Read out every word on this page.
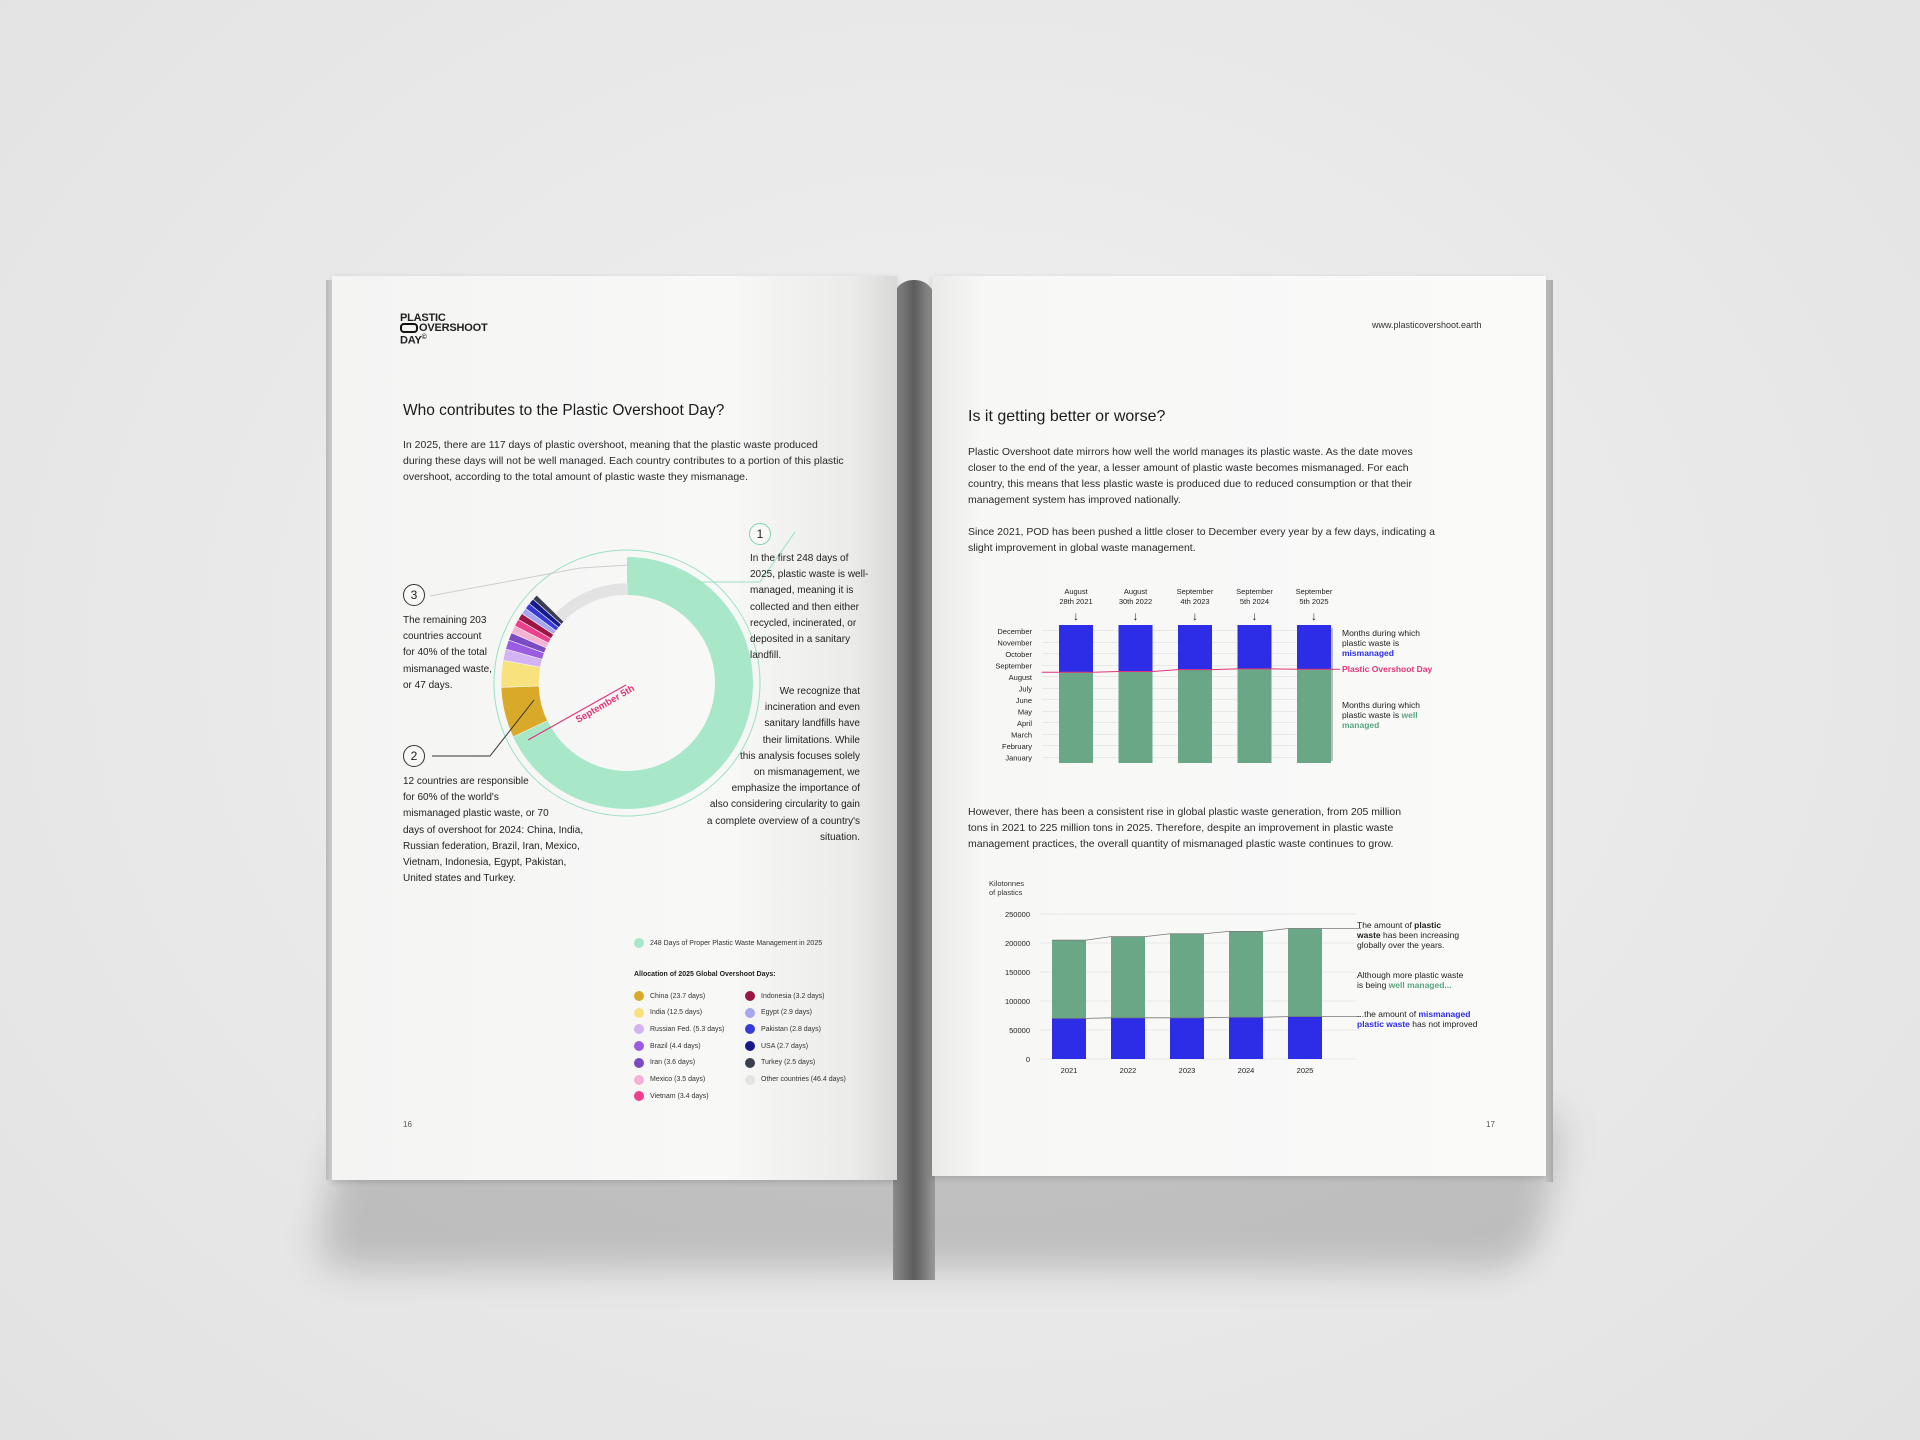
PLASTIC
OVERSHOOT
DAY©
Who contributes to the Plastic Overshoot Day?
In 2025, there are 117 days of plastic overshoot, meaning that the plastic waste produced
during these days will not be well managed. Each country contributes to a portion of this plastic
overshoot, according to the total amount of plastic waste they mismanage.
September 5th
1
In the first 248 days of
2025, plastic waste is well-
managed, meaning it is
collected and then either
recycled, incinerated, or
deposited in a sanitary
landfill.
We recognize that
incineration and even
sanitary landfills have
their limitations. While
this analysis focuses solely
on mismanagement, we
emphasize the importance of
also considering circularity to gain
a complete overview of a country's
situation.
3
The remaining 203
countries account
for 40% of the total
mismanaged waste,
or 47 days.
2
12 countries are responsible
for 60% of the world's
mismanaged plastic waste, or 70
days of overshoot for 2024: China, India,
Russian federation, Brazil, Iran, Mexico,
Vietnam, Indonesia, Egypt, Pakistan,
United states and Turkey.
248 Days of Proper Plastic Waste Management in 2025
Allocation of 2025 Global Overshoot Days:
China (23.7 days)
India (12.5 days)
Russian Fed. (5.3 days)
Brazil (4.4 days)
Iran (3.6 days)
Mexico (3.5 days)
Vietnam (3.4 days)
Indonesia (3.2 days)
Egypt (2.9 days)
Pakistan (2.8 days)
USA (2.7 days)
Turkey (2.5 days)
Other countries (46.4 days)
16
www.plasticovershoot.earth
Is it getting better or worse?
Plastic Overshoot date mirrors how well the world manages its plastic waste. As the date moves
closer to the end of the year, a lesser amount of plastic waste becomes mismanaged. For each
country, this means that less plastic waste is produced due to reduced consumption or that their
management system has improved nationally.
Since 2021, POD has been pushed a little closer to December every year by a few days, indicating a
slight improvement in global waste management.
January
February
March
April
May
June
July
August
September
October
November
December
August
28th 2021
↓
August
30th 2022
↓
September
4th 2023
↓
September
5th 2024
↓
September
5th 2025
↓
Months during which
plastic waste is
mismanaged
Plastic Overshoot Day
Months during which
plastic waste is well
managed
However, there has been a consistent rise in global plastic waste generation, from 205 million
tons in 2021 to 225 million tons in 2025. Therefore, despite an improvement in plastic waste
management practices, the overall quantity of mismanaged plastic waste continues to grow.
Kilotonnes
of plastics
0
50000
100000
150000
200000
250000
2021	2022	2023	2024	2025
The amount of plastic
waste has been increasing
globally over the years.
Although more plastic waste
is being well managed...
...the amount of mismanaged
plastic waste has not improved
17
